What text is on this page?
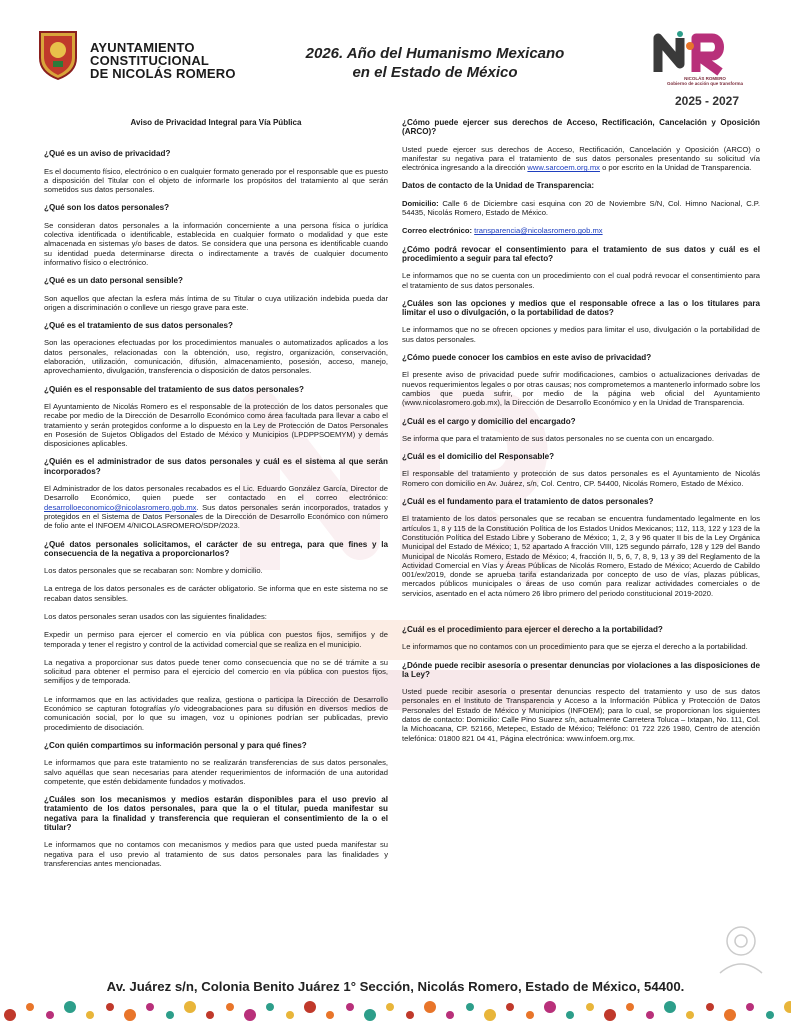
AYUNTAMIENTO
CONSTITUCIONAL
DE NICOLÁS ROMERO
2026. Año del Humanismo Mexicano
en el Estado de México	NICOLÁS ROMERO
Gobierno de acción que transforma
2025 - 2027
Aviso de Privacidad Integral para Vía Pública
¿Qué es un aviso de privacidad?
Es el documento físico, electrónico o en cualquier formato generado por el responsable que es puesto a disposición del Titular con el objeto de informarle los propósitos del tratamiento al que serán sometidos sus datos personales.
¿Qué son los datos personales?
Se consideran datos personales a la información concerniente a una persona física o jurídica colectiva identificada o identificable, establecida en cualquier formato o modalidad y que este almacenada en sistemas y/o bases de datos. Se considera que una persona es identificable cuando su identidad pueda determinarse directa o indirectamente a través de cualquier documento informativo físico o electrónico.
¿Qué es un dato personal sensible?
Son aquellos que afectan la esfera más íntima de su Titular o cuya utilización indebida pueda dar origen a discriminación o conlleve un riesgo grave para este.
¿Qué es el tratamiento de sus datos personales?
Son las operaciones efectuadas por los procedimientos manuales o automatizados aplicados a los datos personales, relacionadas con la obtención, uso, registro, organización, conservación, elaboración, utilización, comunicación, difusión, almacenamiento, posesión, acceso, manejo, aprovechamiento, divulgación, transferencia o disposición de datos personales.
¿Quién es el responsable del tratamiento de sus datos personales?
El Ayuntamiento de Nicolás Romero es el responsable de la protección de los datos personales que recabe por medio de la Dirección de Desarrollo Económico como área facultada para llevar a cabo el tratamiento y serán protegidos conforme a lo dispuesto en la Ley de Protección de Datos Personales en Posesión de Sujetos Obligados del Estado de México y Municipios (LPDPPSOEMYM) y demás disposiciones aplicables.
¿Quién es el administrador de sus datos personales y cuál es el sistema al que serán incorporados?
El Administrador de los datos personales recabados es el Lic. Eduardo González García, Director de Desarrollo Económico, quien puede ser contactado en el correo electrónico: desarrolloeconomico@nicolasromero.gob.mx. Sus datos personales serán incorporados, tratados y protegidos en el Sistema de Datos Personales de la Dirección de Desarrollo Económico con número de folio ante el INFOEM 4/NICOLASROMERO/SDP/2023.
¿Qué datos personales solicitamos, el carácter de su entrega, para que fines y la consecuencia de la negativa a proporcionarlos?
Los datos personales que se recabaran son: Nombre y domicilio.
La entrega de los datos personales es de carácter obligatorio. Se informa que en este sistema no se recaban datos sensibles.
Los datos personales seran usados con las siguientes finalidades:
Expedir un permiso para ejercer el comercio en vía pública con puestos fijos, semifijos y de temporada y tener el registro y control de la actividad comercial que se realiza en el municipio.
La negativa a proporcionar sus datos puede tener como consecuencia que no se dé trámite a su solicitud para obtener el permiso para el ejercicio del comercio en vía pública con puestos fijos, semifijos y de temporada.
Le informamos que en las actividades que realiza, gestiona o participa la Dirección de Desarrollo Económico se capturan fotografías y/o videograbaciones para su difusión en diversos medios de comunicación social, por lo que su imagen, voz u opiniones podrían ser publicadas, previo procedimiento de disociación.
¿Con quién compartimos su información personal y para qué fines?
Le informamos que para este tratamiento no se realizarán transferencias de sus datos personales, salvo aquéllas que sean necesarias para atender requerimientos de información de una autoridad competente, que estén debidamente fundados y motivados.
¿Cuáles son los mecanismos y medios estarán disponibles para el uso previo al tratamiento de los datos personales, para que la o el titular, pueda manifestar su negativa para la finalidad y transferencia que requieran el consentimiento de la o el titular?
Le informamos que no contamos con mecanismos y medios para que usted pueda manifestar su negativa para el uso previo al tratamiento de sus datos personales para las finalidades y transferencias antes mencionadas.
¿Cómo puede ejercer sus derechos de Acceso, Rectificación, Cancelación y Oposición (ARCO)?
Usted puede ejercer sus derechos de Acceso, Rectificación, Cancelación y Oposición (ARCO) o manifestar su negativa para el tratamiento de sus datos personales presentando su solicitud vía electrónica ingresando a la dirección www.sarcoem.org.mx o por escrito en la Unidad de Transparencia.
Datos de contacto de la Unidad de Transparencia:
Domicilio: Calle 6 de Diciembre casi esquina con 20 de Noviembre S/N, Col. Himno Nacional, C.P. 54435, Nicolás Romero, Estado de México.
Correo electrónico: transparencia@nicolasromero.gob.mx
¿Cómo podrá revocar el consentimiento para el tratamiento de sus datos y cuál es el procedimiento a seguir para tal efecto?
Le informamos que no se cuenta con un procedimiento con el cual podrá revocar el consentimiento para el tratamiento de sus datos personales.
¿Cuáles son las opciones y medios que el responsable ofrece a las o los titulares para limitar el uso o divulgación, o la portabilidad de datos?
Le informamos que no se ofrecen opciones y medios para limitar el uso, divulgación o la portabilidad de sus datos personales.
¿Cómo puede conocer los cambios en este aviso de privacidad?
El presente aviso de privacidad puede sufrir modificaciones, cambios o actualizaciones derivadas de nuevos requerimientos legales o por otras causas; nos comprometemos a mantenerlo informado sobre los cambios que pueda sufrir, por medio de la página web oficial del Ayuntamiento (www.nicolasromero.gob.mx), la Dirección de Desarrollo Económico y en la Unidad de Transparencia.
¿Cuál es el cargo y domicilio del encargado?
Se informa que para el tratamiento de sus datos personales no se cuenta con un encargado.
¿Cuál es el domicilio del Responsable?
El responsable del tratamiento y protección de sus datos personales es el Ayuntamiento de Nicolás Romero con domicilio en Av. Juárez, s/n, Col. Centro, CP. 54400, Nicolás Romero, Estado de México.
¿Cuál es el fundamento para el tratamiento de datos personales?
El tratamiento de los datos personales que se recaban se encuentra fundamentado legalmente en los artículos 1, 8 y 115 de la Constitución Política de los Estados Unidos Mexicanos; 112, 113, 122 y 123 de la Constitución Política del Estado Libre y Soberano de México; 1, 2, 3 y 96 quater II bis de la Ley Orgánica Municipal del Estado de México; 1, 52 apartado A fracción VIII, 125 segundo párrafo, 128 y 129 del Bando Municipal de Nicolás Romero, Estado de México; 4, fracción II, 5, 6, 7, 8, 9, 13 y 39 del Reglamento de la Actividad Comercial en Vías y Áreas Públicas de Nicolás Romero, Estado de México; Acuerdo de Cabildo 001/ex/2019, donde se aprueba tarifa estandarizada por concepto de uso de vías, plazas públicas, mercados públicos municipales o áreas de uso común para realizar actividades comerciales o de servicios, asentado en el acta número 26 libro primero del periodo constitucional 2019-2020.
¿Cuál es el procedimiento para ejercer el derecho a la portabilidad?
Le informamos que no contamos con un procedimiento para que se ejerza el derecho a la portabilidad.
¿Dónde puede recibir asesoría o presentar denuncias por violaciones a las disposiciones de la Ley?
Usted puede recibir asesoría o presentar denuncias respecto del tratamiento y uso de sus datos personales en el Instituto de Transparencia y Acceso a la Información Pública y Protección de Datos Personales del Estado de México y Municipios (INFOEM); para lo cual, se proporcionan los siguientes datos de contacto: Domicilio: Calle Pino Suarez s/n, actualmente Carretera Toluca – Ixtapan, No. 111, Col. la Michoacana, CP. 52166, Metepec, Estado de México; Teléfono: 01 722 226 1980, Centro de atención telefónica: 01800 821 04 41, Página electrónica: www.infoem.org.mx.
Av. Juárez s/n, Colonia Benito Juárez 1° Sección, Nicolás Romero, Estado de México, 54400.
